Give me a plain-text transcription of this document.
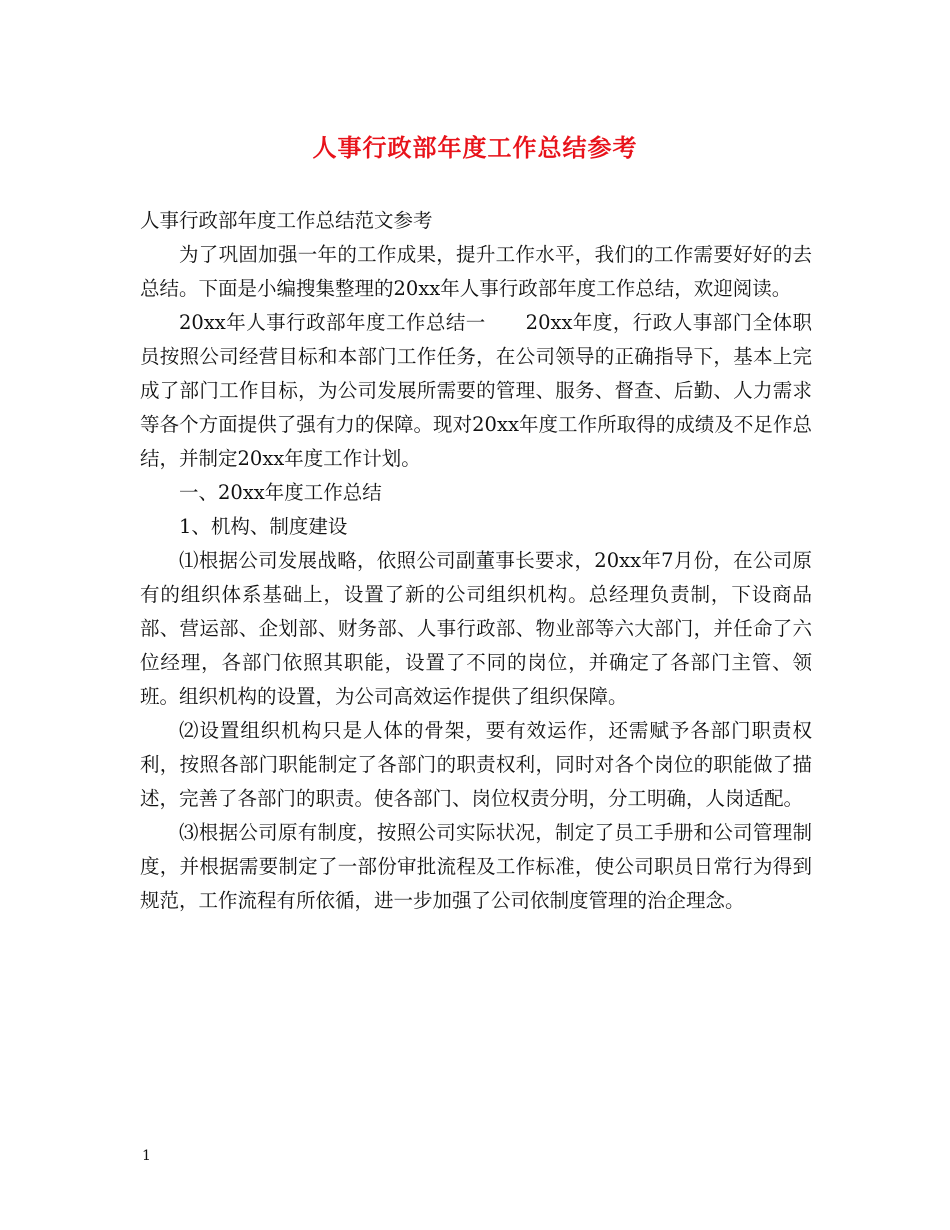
人事行政部年度工作总结参考

人事行政部年度工作总结范文参考

为了巩固加强一年的工作成果，提升工作水平，我们的工作需要好好的去总结。下面是小编搜集整理的20xx年人事行政部年度工作总结，欢迎阅读。

20xx年人事行政部年度工作总结一　　20xx年度，行政人事部门全体职员按照公司经营目标和本部门工作任务，在公司领导的正确指导下，基本上完成了部门工作目标，为公司发展所需要的管理、服务、督查、后勤、人力需求等各个方面提供了强有力的保障。现对20xx年度工作所取得的成绩及不足作总结，并制定20xx年度工作计划。

一、20xx年度工作总结

1、机构、制度建设

⑴根据公司发展战略，依照公司副董事长要求，20xx年7月份，在公司原有的组织体系基础上，设置了新的公司组织机构。总经理负责制，下设商品部、营运部、企划部、财务部、人事行政部、物业部等六大部门，并任命了六位经理，各部门依照其职能，设置了不同的岗位，并确定了各部门主管、领班。组织机构的设置，为公司高效运作提供了组织保障。

⑵设置组织机构只是人体的骨架，要有效运作，还需赋予各部门职责权利，按照各部门职能制定了各部门的职责权利，同时对各个岗位的职能做了描述，完善了各部门的职责。使各部门、岗位权责分明，分工明确，人岗适配。

⑶根据公司原有制度，按照公司实际状况，制定了员工手册和公司管理制度，并根据需要制定了一部份审批流程及工作标准，使公司职员日常行为得到规范，工作流程有所依循，进一步加强了公司依制度管理的治企理念。

1
